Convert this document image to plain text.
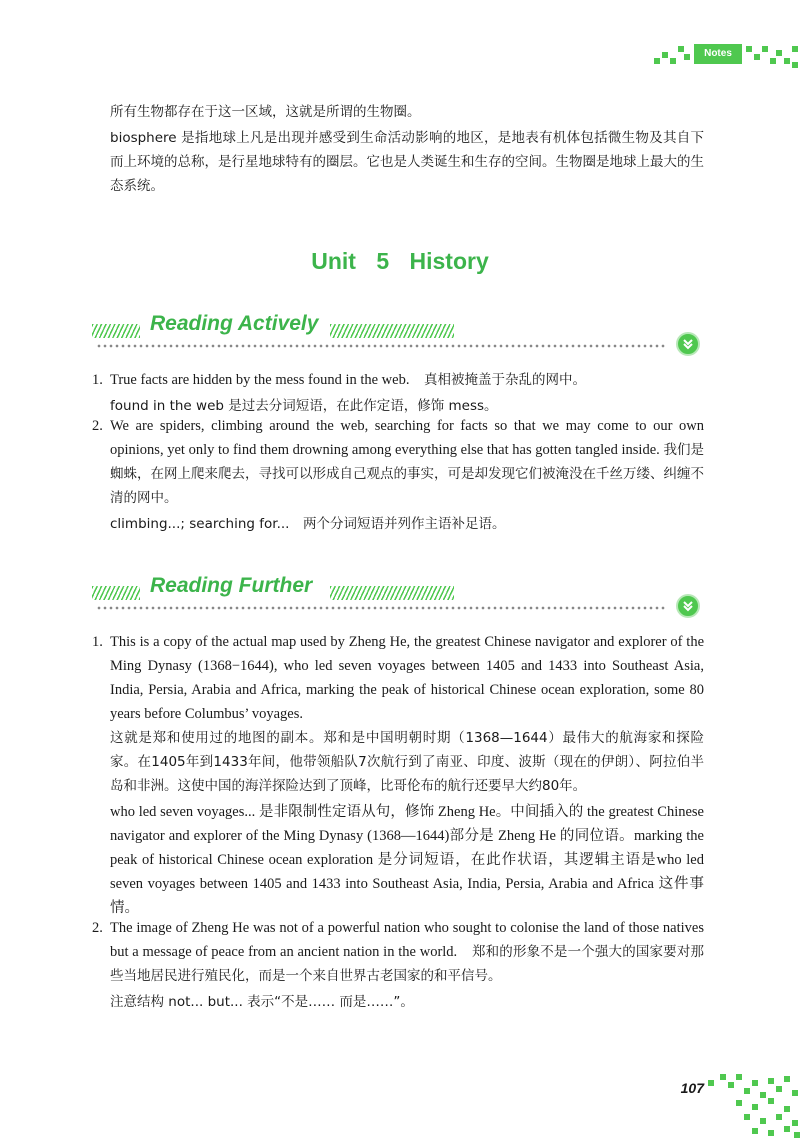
Notes

所有生物都存在于这一区域，这就是所谓的生物圈。

biosphere 是指地球上凡是出现并感受到生命活动影响的地区，是地表有机体包括微生物及其自下而上环境的总称，是行星地球特有的圈层。它也是人类诞生和生存的空间。生物圈是地球上最大的生态系统。

Unit 5 History
Reading Actively
1. True facts are hidden by the mess found in the web.　 真相被掩盖于杂乱的网中。

found in the web 是过去分词短语，在此作定语，修饰 mess。

2. We are spiders, climbing around the web, searching for facts so that we may come to our own opinions, yet only to find them drowning among everything else that has gotten tangled inside. 我们是蜘蛛，在网上爬来爬去，寻找可以形成自己观点的事实，可是却发现它们被淹没在千丝万缕、纠缠不清的网中。

climbing...; searching for...　两个分词短语并列作主语补足语。

Reading Further
1. This is a copy of the actual map used by Zheng He, the greatest Chinese navigator and explorer of the Ming Dynasy (1368−1644), who led seven voyages between 1405 and 1433 into Southeast Asia, India, Persia, Arabia and Africa, marking the peak of historical Chinese ocean exploration, some 80 years before Columbus’ voyages.

这就是郑和使用过的地图的副本。郑和是中国明朝时期（1368—1644）最伟大的航海家和探险家。在1405年到1433年间，他带领船队7次航行到了南亚、印度、波斯（现在的伊朗）、阿拉伯半岛和非洲。这使中国的海洋探险达到了顶峰，比哥伦布的航行还要早大约80年。

who led seven voyages... 是非限制性定语从句，修饰 Zheng He。中间插入的 the greatest Chinese navigator and explorer of the Ming Dynasy (1368—1644)部分是 Zheng He 的同位语。marking the peak of historical Chinese ocean exploration 是分词短语，在此作状语，其逻辑主语是who led seven voyages between 1405 and 1433 into Southeast Asia, India, Persia, Arabia and Africa 这件事情。

2. The image of Zheng He was not of a powerful nation who sought to colonise the land of those natives but a message of peace from an ancient nation in the world.　 郑和的形象不是一个强大的国家要对那些当地居民进行殖民化，而是一个来自世界古老国家的和平信号。

注意结构 not... but... 表示“不是…… 而是……”。

107
